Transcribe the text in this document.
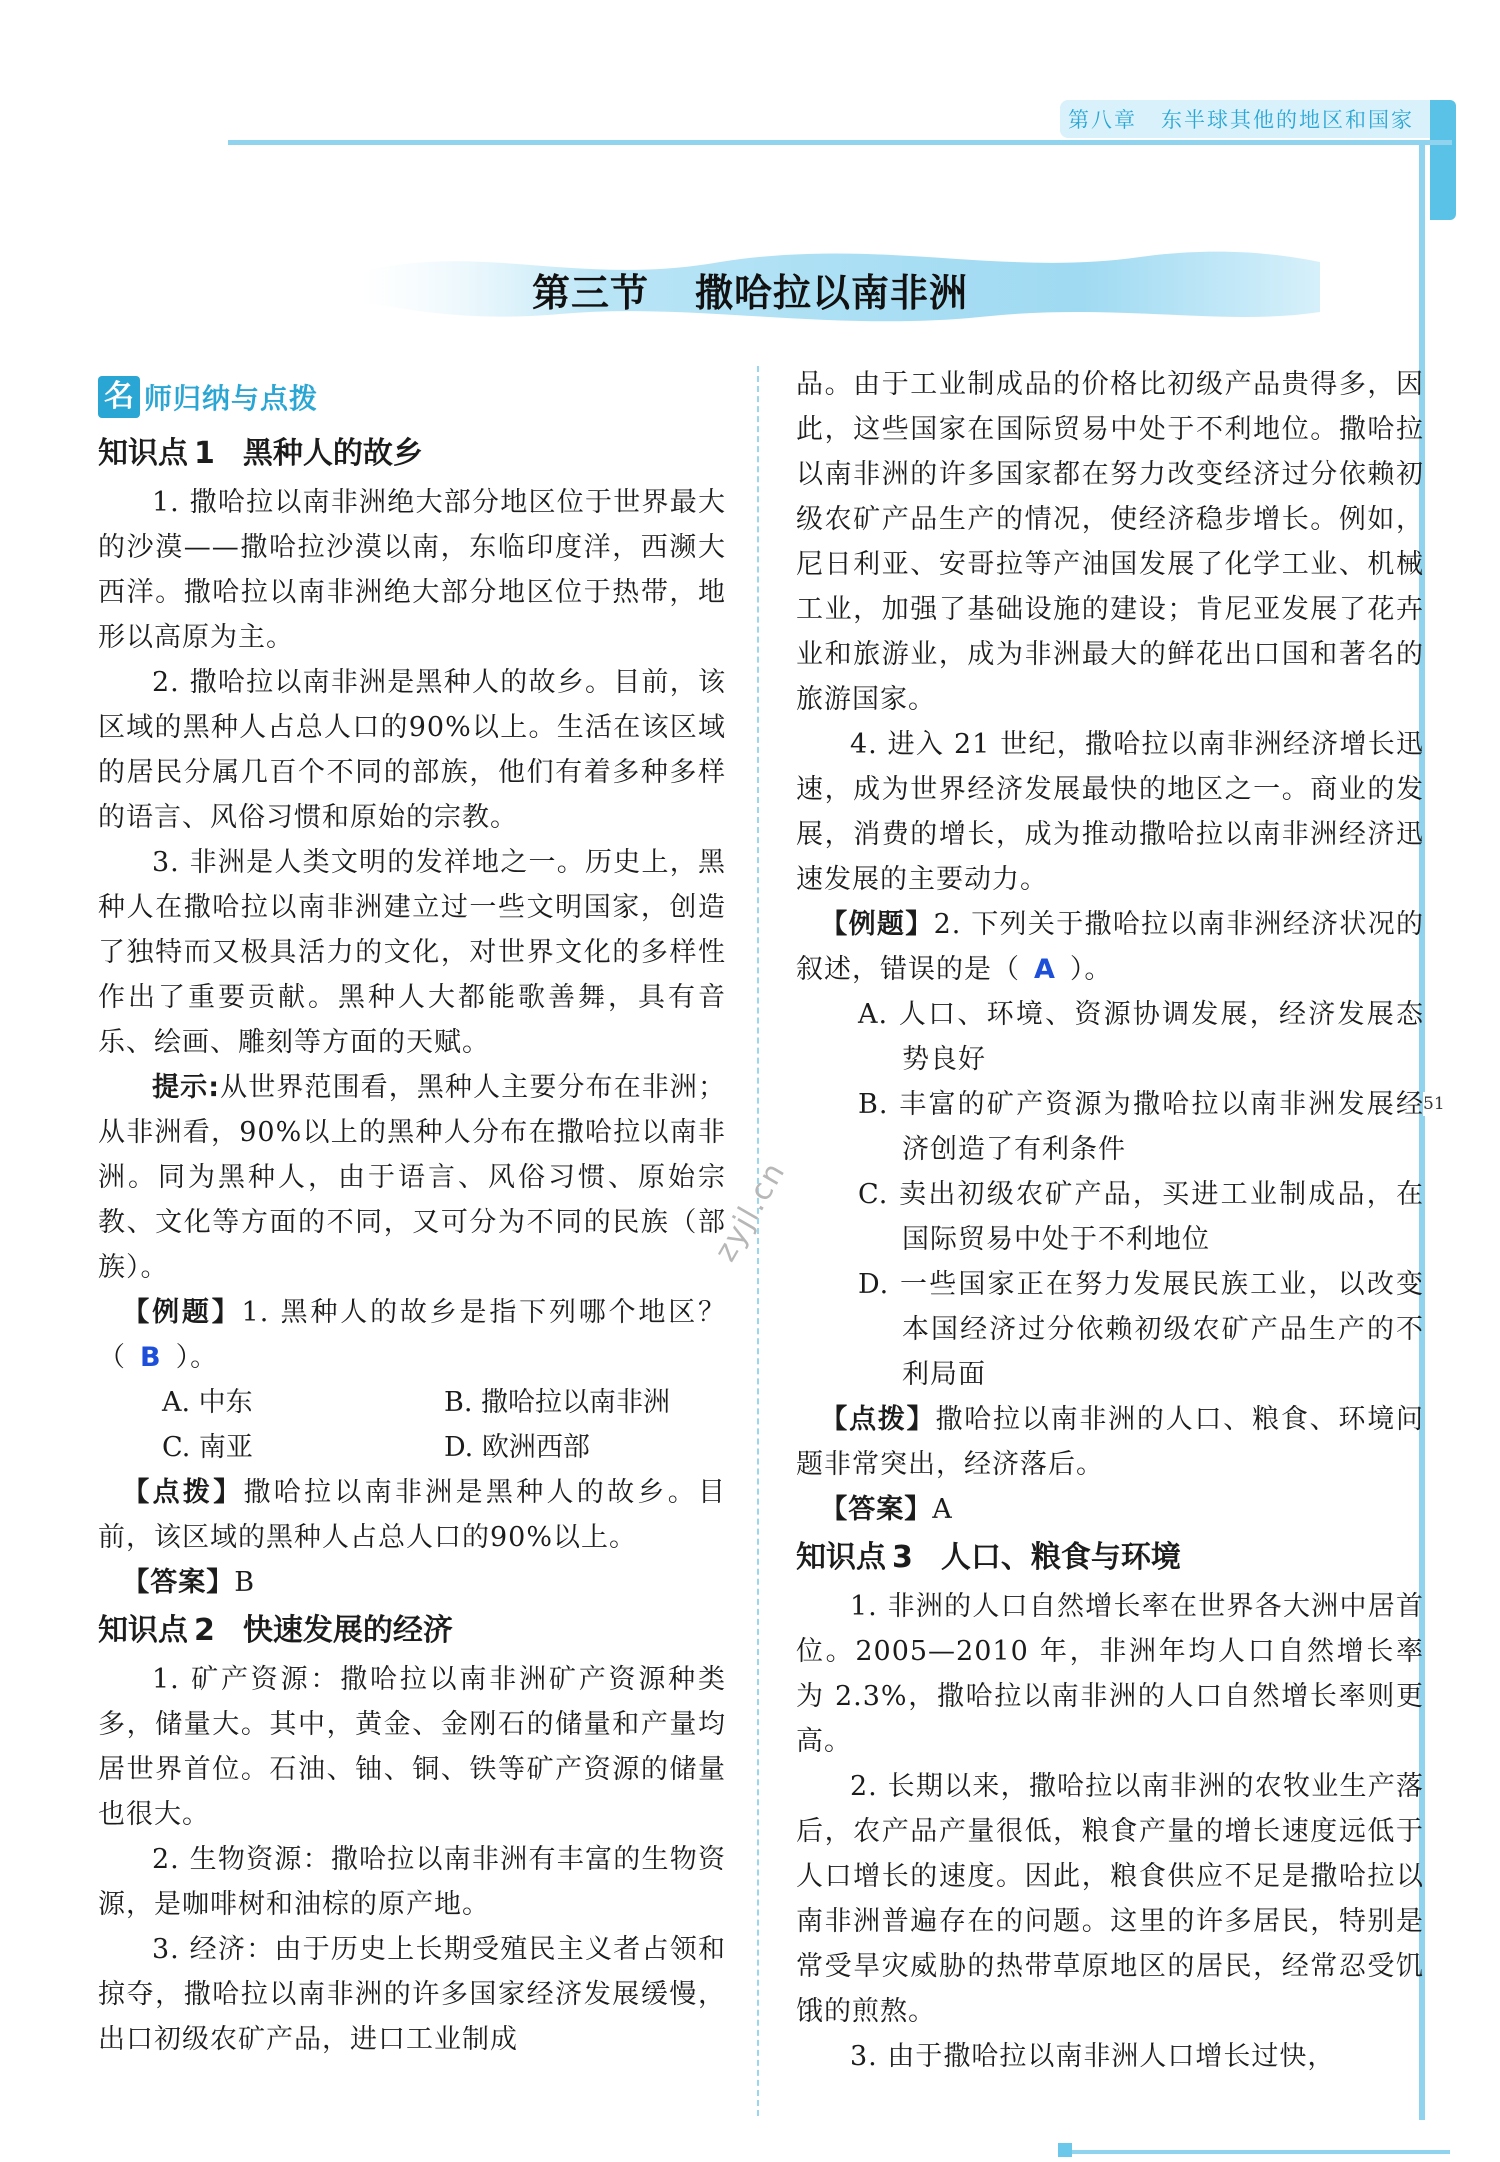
第八章 东半球其他的地区和国家
51
第三节 撒哈拉以南非洲
zyjl.cn
名 师归纳与点拨
知识点 1 黑种人的故乡

1. 撒哈拉以南非洲绝大部分地区位于世界最大的沙漠——撒哈拉沙漠以南，东临印度洋，西濒大西洋。撒哈拉以南非洲绝大部分地区位于热带，地形以高原为主。

2. 撒哈拉以南非洲是黑种人的故乡。目前，该区域的黑种人占总人口的90%以上。生活在该区域的居民分属几百个不同的部族，他们有着多种多样的语言、风俗习惯和原始的宗教。

3. 非洲是人类文明的发祥地之一。历史上，黑种人在撒哈拉以南非洲建立过一些文明国家，创造了独特而又极具活力的文化，对世界文化的多样性作出了重要贡献。黑种人大都能歌善舞，具有音乐、绘画、雕刻等方面的天赋。

提示:从世界范围看，黑种人主要分布在非洲；从非洲看，90%以上的黑种人分布在撒哈拉以南非洲。同为黑种人，由于语言、风俗习惯、原始宗教、文化等方面的不同，又可分为不同的民族（部族）。

【例题】1. 黑种人的故乡是指下列哪个地区？（ B ）。

A. 中东	B. 撒哈拉以南非洲
C. 南亚	D. 欧洲西部

【点拨】撒哈拉以南非洲是黑种人的故乡。目前，该区域的黑种人占总人口的90%以上。

【答案】B

知识点 2 快速发展的经济

1. 矿产资源：撒哈拉以南非洲矿产资源种类多，储量大。其中，黄金、金刚石的储量和产量均居世界首位。石油、铀、铜、铁等矿产资源的储量也很大。

2. 生物资源：撒哈拉以南非洲有丰富的生物资源，是咖啡树和油棕的原产地。

3. 经济：由于历史上长期受殖民主义者占领和掠夺，撒哈拉以南非洲的许多国家经济发展缓慢，出口初级农矿产品，进口工业制成

品。由于工业制成品的价格比初级产品贵得多，因此，这些国家在国际贸易中处于不利地位。撒哈拉以南非洲的许多国家都在努力改变经济过分依赖初级农矿产品生产的情况，使经济稳步增长。例如，尼日利亚、安哥拉等产油国发展了化学工业、机械工业，加强了基础设施的建设；肯尼亚发展了花卉业和旅游业，成为非洲最大的鲜花出口国和著名的旅游国家。

4. 进入 21 世纪，撒哈拉以南非洲经济增长迅速，成为世界经济发展最快的地区之一。商业的发展，消费的增长，成为推动撒哈拉以南非洲经济迅速发展的主要动力。

【例题】2. 下列关于撒哈拉以南非洲经济状况的叙述，错误的是（ A ）。

A. 人口、环境、资源协调发展，经济发展态势良好

B. 丰富的矿产资源为撒哈拉以南非洲发展经济创造了有利条件

C. 卖出初级农矿产品，买进工业制成品，在国际贸易中处于不利地位

D. 一些国家正在努力发展民族工业，以改变本国经济过分依赖初级农矿产品生产的不利局面

【点拨】撒哈拉以南非洲的人口、粮食、环境问题非常突出，经济落后。

【答案】A

知识点 3 人口、粮食与环境

1. 非洲的人口自然增长率在世界各大洲中居首位。2005—2010 年，非洲年均人口自然增长率为 2.3%，撒哈拉以南非洲的人口自然增长率则更高。

2. 长期以来，撒哈拉以南非洲的农牧业生产落后，农产品产量很低，粮食产量的增长速度远低于人口增长的速度。因此，粮食供应不足是撒哈拉以南非洲普遍存在的问题。这里的许多居民，特别是常受旱灾威胁的热带草原地区的居民，经常忍受饥饿的煎熬。

3. 由于撒哈拉以南非洲人口增长过快，
